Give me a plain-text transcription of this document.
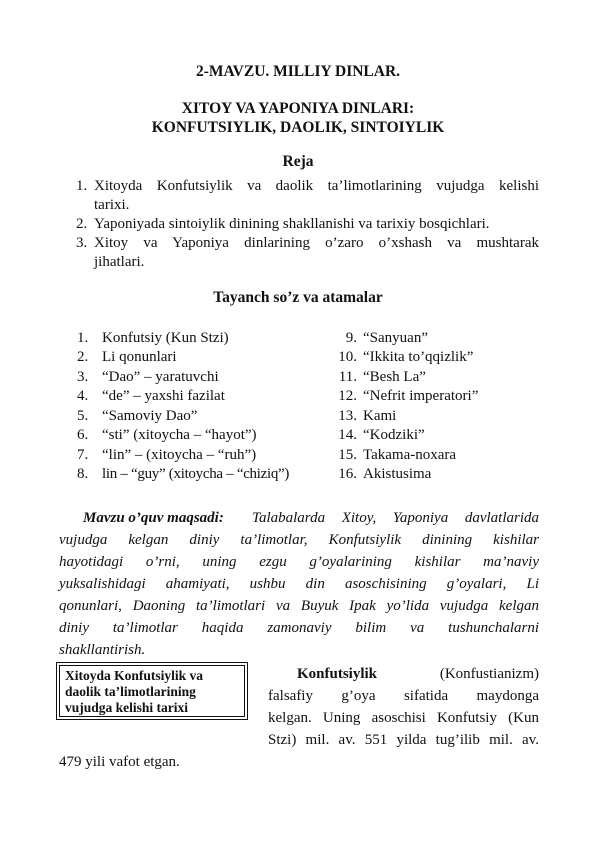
2-MAVZU. MILLIY DINLAR.
XITOY VA YAPONIYA DINLARI:
KONFUTSIYLIK, DAOLIK, SINTOIYLIK
Reja
1. Xitoyda Konfutsiylik va daolik ta’limotlarining vujudga kelishi
tarixi.
2. Yaponiyada sintoiylik dinining shakllanishi va tarixiy bosqichlari.
3. Xitoy va Yaponiya dinlarining o’zaro o’xshash va mushtarak
jihatlari.
Tayanch so’z va atamalar
1. Konfutsiy (Kun Stzi)
2. Li qonunlari
3. “Dao” – yaratuvchi
4. “de” – yaxshi fazilat
5. “Samoviy Dao”
6. “sti” (xitoycha – “hayot”)
7. “lin” – (xitoycha – “ruh”)
8. lin – “guy” (xitoycha – “chiziq”)
9. “Sanyuan”
10. “Ikkita to’qqizlik”
11. “Besh La”
12. “Nefrit imperatori”
13. Kami
14. “Kodziki”
15. Takama-noxara
16. Akistusima
Mavzu o’quv maqsadi: Talabalarda Xitoy, Yaponiya davlatlarida
vujudga kelgan diniy ta’limotlar, Konfutsiylik dinining kishilar
hayotidagi o’rni, uning ezgu g’oyalarining kishilar ma’naviy
yuksalishidagi ahamiyati, ushbu din asoschisining g’oyalari, Li
qonunlari, Daoning ta’limotlari va Buyuk Ipak yo’lida vujudga kelgan
diniy ta’limotlar haqida zamonaviy bilim va tushunchalarni
shakllantirish.
Xitoyda Konfutsiylik va
daolik ta’limotlarining
vujudga kelishi tarixi
Konfutsiylik	(Konfustianizm)
falsafiy g’oya sifatida maydonga
kelgan. Uning asoschisi Konfutsiy (Kun
Stzi) mil. av. 551 yilda tug’ilib mil. av.
479 yili vafot etgan.
